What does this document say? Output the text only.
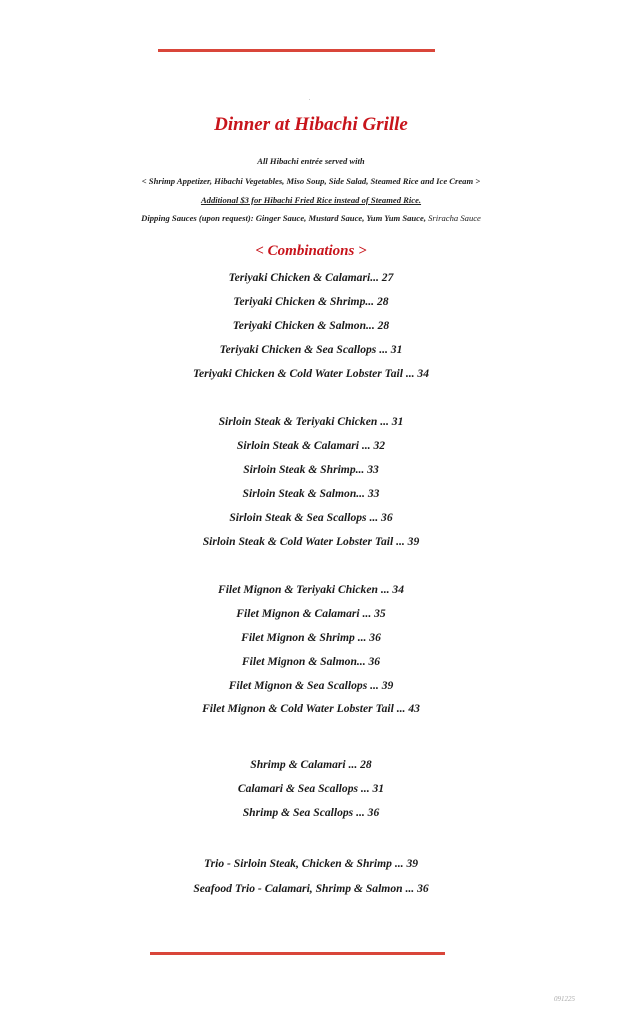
Dinner at Hibachi Grille
All Hibachi entrée served with
< Shrimp Appetizer, Hibachi Vegetables, Miso Soup, Side Salad, Steamed Rice and Ice Cream >
Additional $3 for Hibachi Fried Rice instead of Steamed Rice.
Dipping Sauces (upon request): Ginger Sauce, Mustard Sauce, Yum Yum Sauce, Sriracha Sauce
< Combinations >
Teriyaki Chicken & Calamari... 27
Teriyaki Chicken & Shrimp... 28
Teriyaki Chicken & Salmon... 28
Teriyaki Chicken & Sea Scallops ... 31
Teriyaki Chicken & Cold Water Lobster Tail ... 34
Sirloin Steak & Teriyaki Chicken ... 31
Sirloin Steak & Calamari ... 32
Sirloin Steak & Shrimp... 33
Sirloin Steak & Salmon... 33
Sirloin Steak & Sea Scallops ... 36
Sirloin Steak & Cold Water Lobster Tail ... 39
Filet Mignon & Teriyaki Chicken ... 34
Filet Mignon & Calamari ... 35
Filet Mignon & Shrimp ... 36
Filet Mignon & Salmon... 36
Filet Mignon & Sea Scallops ... 39
Filet Mignon & Cold Water Lobster Tail ... 43
Shrimp & Calamari ... 28
Calamari & Sea Scallops ... 31
Shrimp & Sea Scallops ... 36
Trio - Sirloin Steak, Chicken & Shrimp ... 39
Seafood Trio - Calamari, Shrimp & Salmon ... 36
091225
